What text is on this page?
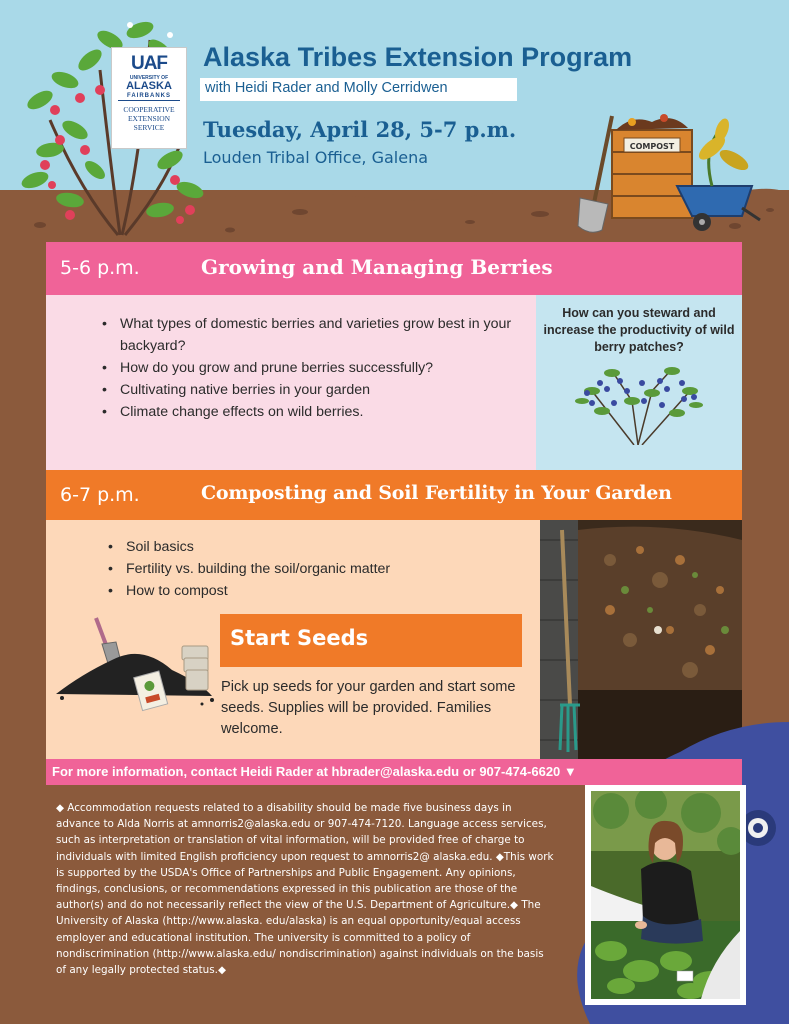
UAF
UNIVERSITY OF
ALASKA
FAIRBANKS
COOPERATIVE
EXTENSION
SERVICE
Alaska Tribes Extension Program
with Heidi Rader and Molly Cerridwen
Tuesday, April 28, 5-7 p.m.
Louden Tribal Office, Galena
COMPOST
5-6 p.m.	Growing and Managing Berries
• What types of domestic berries and varieties grow best in your backyard?
• How do you grow and prune berries successfully?
• Cultivating native berries in your garden
• Climate change effects on wild berries.
How can you steward and increase the productivity of wild berry patches?
6-7 p.m.	Composting and Soil Fertility in Your Garden
• Soil basics
• Fertility vs. building the soil/organic matter
• How to compost
Start Seeds
Pick up seeds for your garden and start some seeds. Supplies will be provided. Families welcome.
For more information, contact Heidi Rader at hbrader@alaska.edu or 907-474-6620 ▼
◆ Accommodation requests related to a disability should be made five business days in advance to Alda Norris at amnorris2@alaska.edu or 907-474-7120. Language access services, such as interpretation or translation of vital information, will be provided free of charge to individuals with limited English proficiency upon request to amnorris2@ alaska.edu. ◆This work is supported by the USDA's Office of Partnerships and Public Engagement. Any opinions, findings, conclusions, or recommendations expressed in this publication are those of the author(s) and do not necessarily reflect the view of the U.S. Department of Agriculture.◆ The University of Alaska (http://www.alaska. edu/alaska) is an equal opportunity/equal access employer and educational institution. The university is committed to a policy of nondiscrimination (http://www.alaska.edu/ nondiscrimination) against individuals on the basis of any legally protected status.◆
